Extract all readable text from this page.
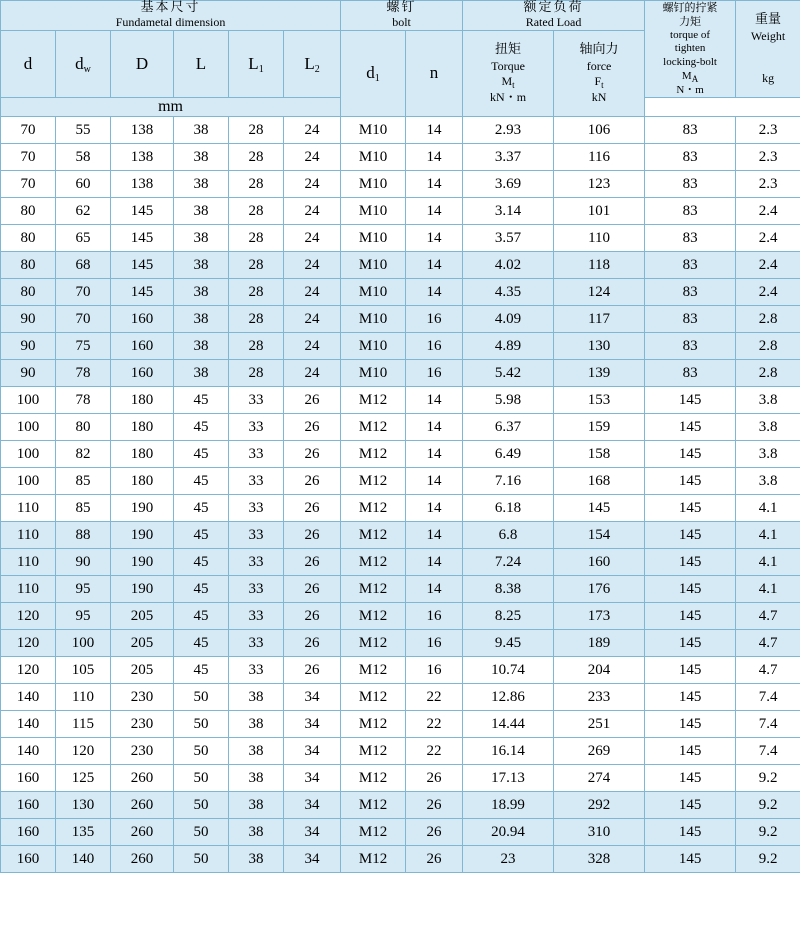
基本尺寸
Fundametal dimension

螺钉
bolt

额定负荷
Rated Load

螺钉的拧紧
力矩
torque of
tighten
locking-bolt
$M_A$
N・m

重量
Weight
kg

d	$d_w$	D	L	$L_1$	$L_2$	$d_1$	n	
扭矩
Torque
$M_t$
kN・m

轴向力
force
$F_t$
kN

mm											
70	55	138	38	28	24	M10	14	2.93	106	83	2.3
70	58	138	38	28	24	M10	14	3.37	116	83	2.3
70	60	138	38	28	24	M10	14	3.69	123	83	2.3
80	62	145	38	28	24	M10	14	3.14	101	83	2.4
80	65	145	38	28	24	M10	14	3.57	110	83	2.4
80	68	145	38	28	24	M10	14	4.02	118	83	2.4
80	70	145	38	28	24	M10	14	4.35	124	83	2.4
90	70	160	38	28	24	M10	16	4.09	117	83	2.8
90	75	160	38	28	24	M10	16	4.89	130	83	2.8
90	78	160	38	28	24	M10	16	5.42	139	83	2.8
100	78	180	45	33	26	M12	14	5.98	153	145	3.8
100	80	180	45	33	26	M12	14	6.37	159	145	3.8
100	82	180	45	33	26	M12	14	6.49	158	145	3.8
100	85	180	45	33	26	M12	14	7.16	168	145	3.8
110	85	190	45	33	26	M12	14	6.18	145	145	4.1
110	88	190	45	33	26	M12	14	6.8	154	145	4.1
110	90	190	45	33	26	M12	14	7.24	160	145	4.1
110	95	190	45	33	26	M12	14	8.38	176	145	4.1
120	95	205	45	33	26	M12	16	8.25	173	145	4.7
120	100	205	45	33	26	M12	16	9.45	189	145	4.7
120	105	205	45	33	26	M12	16	10.74	204	145	4.7
140	110	230	50	38	34	M12	22	12.86	233	145	7.4
140	115	230	50	38	34	M12	22	14.44	251	145	7.4
140	120	230	50	38	34	M12	22	16.14	269	145	7.4
160	125	260	50	38	34	M12	26	17.13	274	145	9.2
160	130	260	50	38	34	M12	26	18.99	292	145	9.2
160	135	260	50	38	34	M12	26	20.94	310	145	9.2
160	140	260	50	38	34	M12	26	23	328	145	9.2
